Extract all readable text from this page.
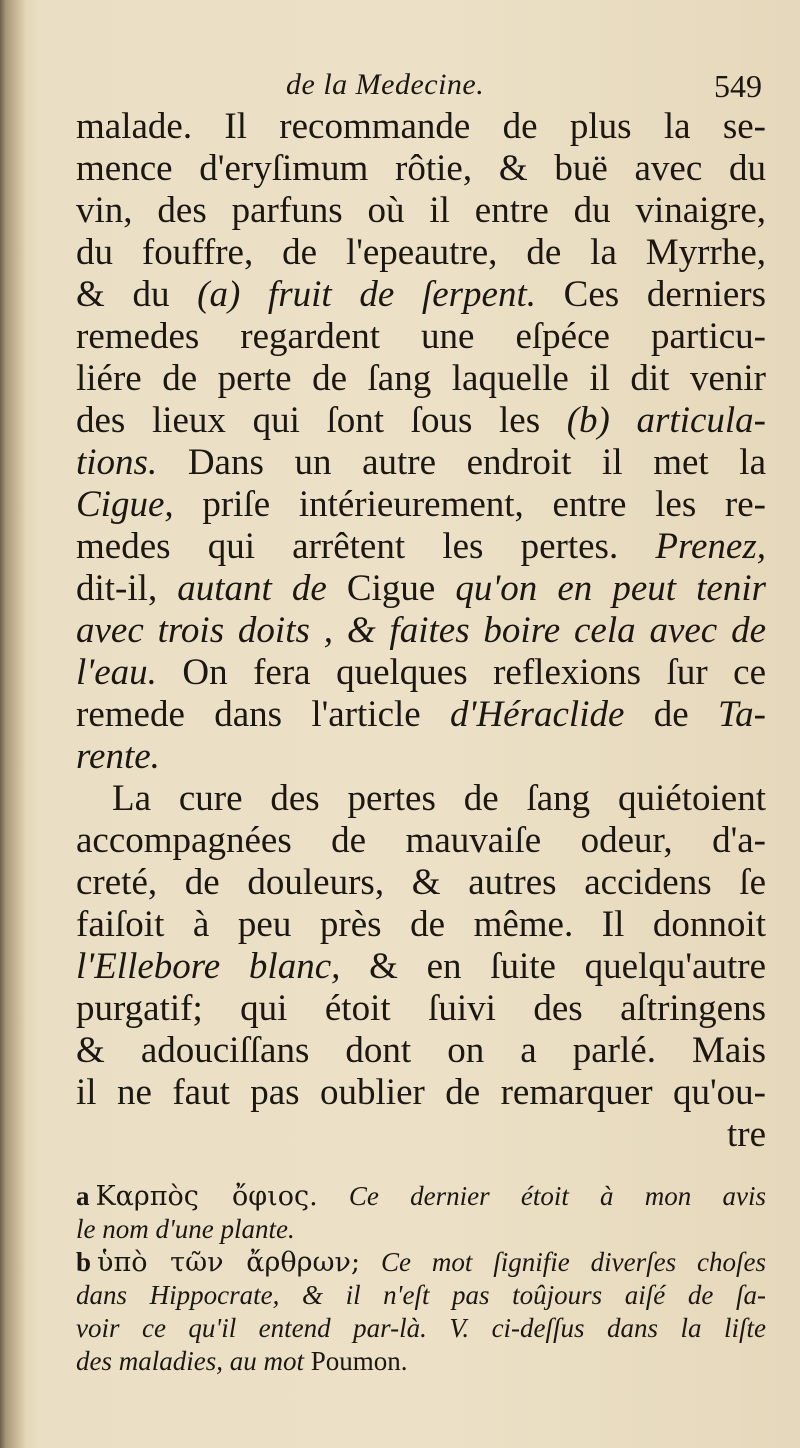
de la Medecine.	549
malade. Il recommande de plus la se-
mence d'eryſimum rôtie, & buë avec du
vin, des parfuns où il entre du vinaigre,
du fouffre, de l'epeautre, de la Myrrhe,
& du (a) fruit de ſerpent. Ces derniers
remedes regardent une eſpéce particu-
liére de perte de ſang laquelle il dit venir
des lieux qui ſont ſous les (b) articula-
tions. Dans un autre endroit il met la
Cigue, priſe intérieurement, entre les re-
medes qui arrêtent les pertes. Prenez,
dit-il, autant de Cigue qu'on en peut tenir
avec trois doits , & faites boire cela avec de
l'eau. On fera quelques reflexions ſur ce
remede dans l'article d'Héraclide de Ta-
rente.
La cure des pertes de ſang quiétoient
accompagnées de mauvaiſe odeur, d'a-
creté, de douleurs, & autres accidens ſe
faiſoit à peu près de même. Il donnoit
l'Ellebore blanc, & en ſuite quelqu'autre
purgatif; qui étoit ſuivi des aſtringens
& adouciſſans dont on a parlé. Mais
il ne faut pas oublier de remarquer qu'ou-
tre
a Καρπὸς ὄφιος. Ce dernier étoit à mon avis
le nom d'une plante.
b ὑπὸ τῶν ἄρθρων; Ce mot ſignifie diverſes choſes
dans Hippocrate, & il n'eſt pas toûjours aiſé de ſa-
voir ce qu'il entend par-là. V. ci-deſſus dans la liſte
des maladies, au mot Poumon.
